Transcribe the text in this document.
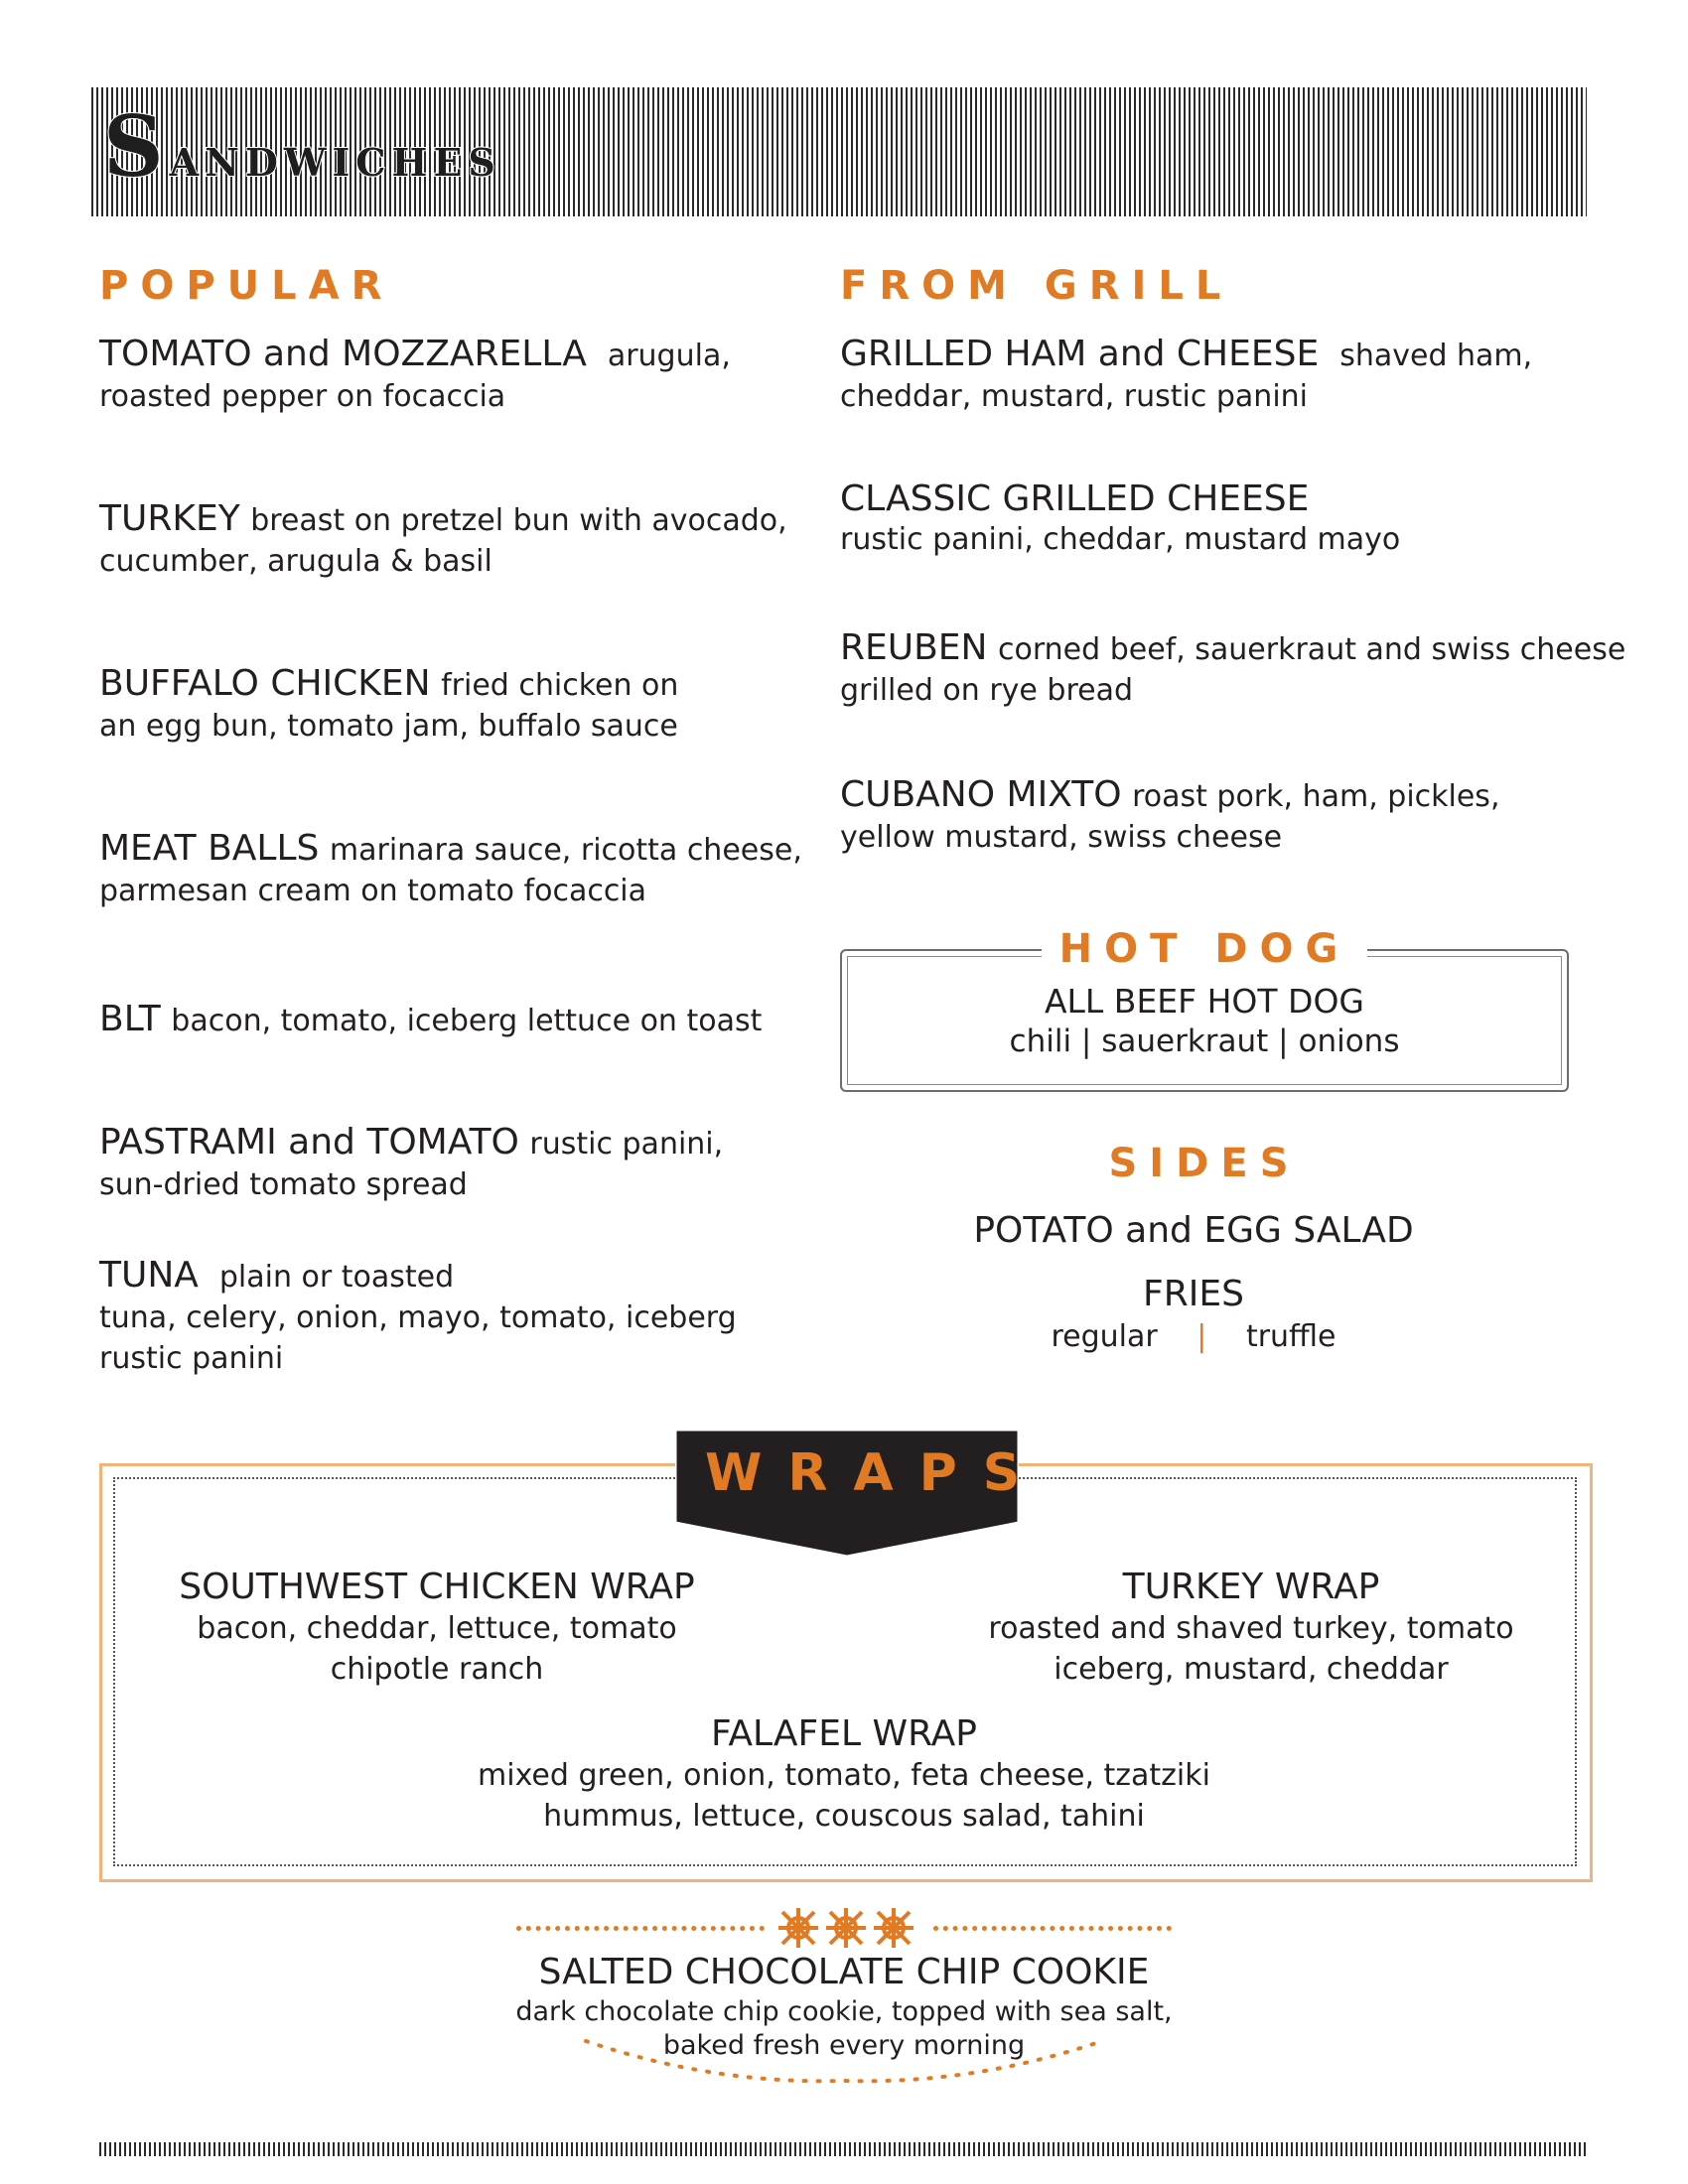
Sandwiches
POPULAR
TOMATO and MOZZARELLA arugula,
roasted pepper on focaccia
TURKEY breast on pretzel bun with avocado,
cucumber, arugula & basil
BUFFALO CHICKEN fried chicken on
an egg bun, tomato jam, buffalo sauce
MEAT BALLS marinara sauce, ricotta cheese,
parmesan cream on tomato focaccia
BLT bacon, tomato, iceberg lettuce on toast
PASTRAMI and TOMATO rustic panini,
sun-dried tomato spread
TUNA plain or toasted
tuna, celery, onion, mayo, tomato, iceberg
rustic panini
FROM GRILL
GRILLED HAM and CHEESE shaved ham,
cheddar, mustard, rustic panini
CLASSIC GRILLED CHEESE
rustic panini, cheddar, mustard mayo
REUBEN corned beef, sauerkraut and swiss cheese
grilled on rye bread
CUBANO MIXTO roast pork, ham, pickles,
yellow mustard, swiss cheese
HOT DOG
ALL BEEF HOT DOG
chili | sauerkraut | onions
SIDES
POTATO and EGG SALAD
FRIES
regular | truffle
WRAPS
SOUTHWEST CHICKEN WRAP
bacon, cheddar, lettuce, tomato
chipotle ranch
TURKEY WRAP
roasted and shaved turkey, tomato
iceberg, mustard, cheddar
FALAFEL WRAP
mixed green, onion, tomato, feta cheese, tzatziki
hummus, lettuce, couscous salad, tahini
SALTED CHOCOLATE CHIP COOKIE
dark chocolate chip cookie, topped with sea salt,
baked fresh every morning
